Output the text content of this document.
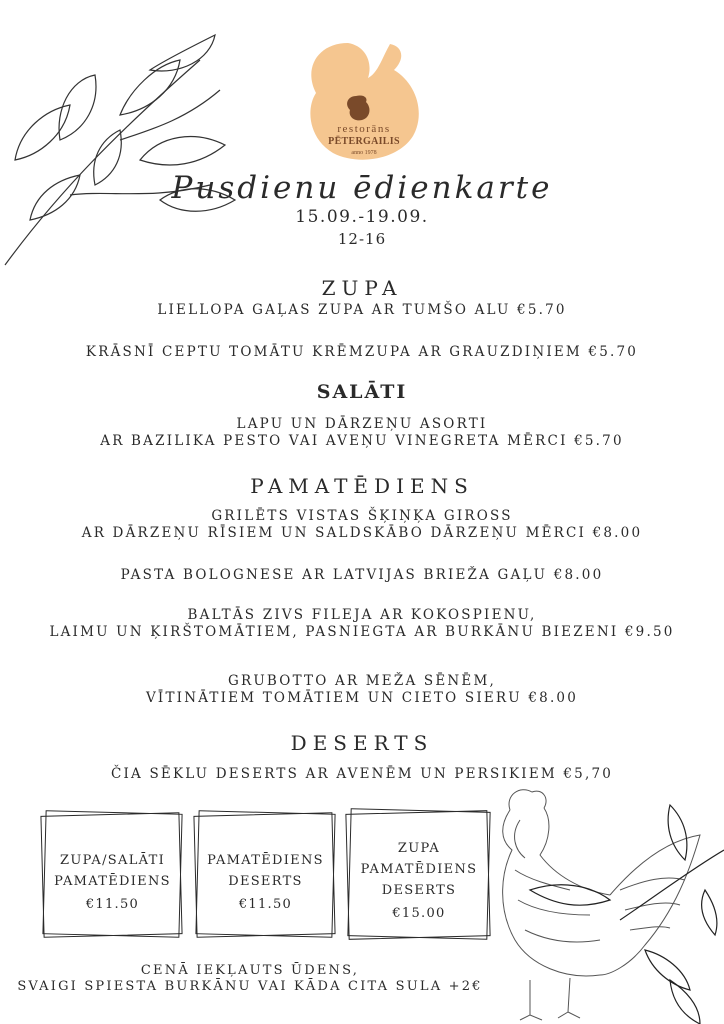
restorāns
PĒTERGAILIS
anno 1978
Pusdienu ēdienkarte
15.09.-19.09.
12-16
ZUPA
LIELLOPA GAĻAS ZUPA AR TUMŠO ALU €5.70
KRĀSNĪ CEPTU TOMĀTU KRĒMZUPA AR GRAUZDIŅIEM €5.70
SALĀTI
LAPU UN DĀRZEŅU ASORTI
AR BAZILIKA PESTO VAI AVEŅU VINEGRETA MĒRCI €5.70
PAMATĒDIENS
GRILĒTS VISTAS ŠĶIŅĶA GIROSS
AR DĀRZEŅU RĪSIEM UN SALDSKĀBO DĀRZEŅU MĒRCI €8.00
PASTA BOLOGNESE AR LATVIJAS BRIEŽA GAĻU €8.00
BALTĀS ZIVS FILEJA AR KOKOSPIENU,
LAIMU UN ĶIRŠTOMĀTIEM, PASNIEGTA AR BURKĀNU BIEZENI €9.50
GRUBOTTO AR MEŽA SĒNĒM,
VĪTINĀTIEM TOMĀTIEM UN CIETO SIERU €8.00
DESERTS
ČIA SĒKLU DESERTS AR AVENĒM UN PERSIKIEM €5,70
ZUPA/SALĀTI
PAMATĒDIENS
€11.50
PAMATĒDIENS
DESERTS
€11.50
ZUPA
PAMATĒDIENS
DESERTS
€15.00
CENĀ IEKĻAUTS ŪDENS,
SVAIGI SPIESTA BURKĀNU VAI KĀDA CITA SULA +2€
